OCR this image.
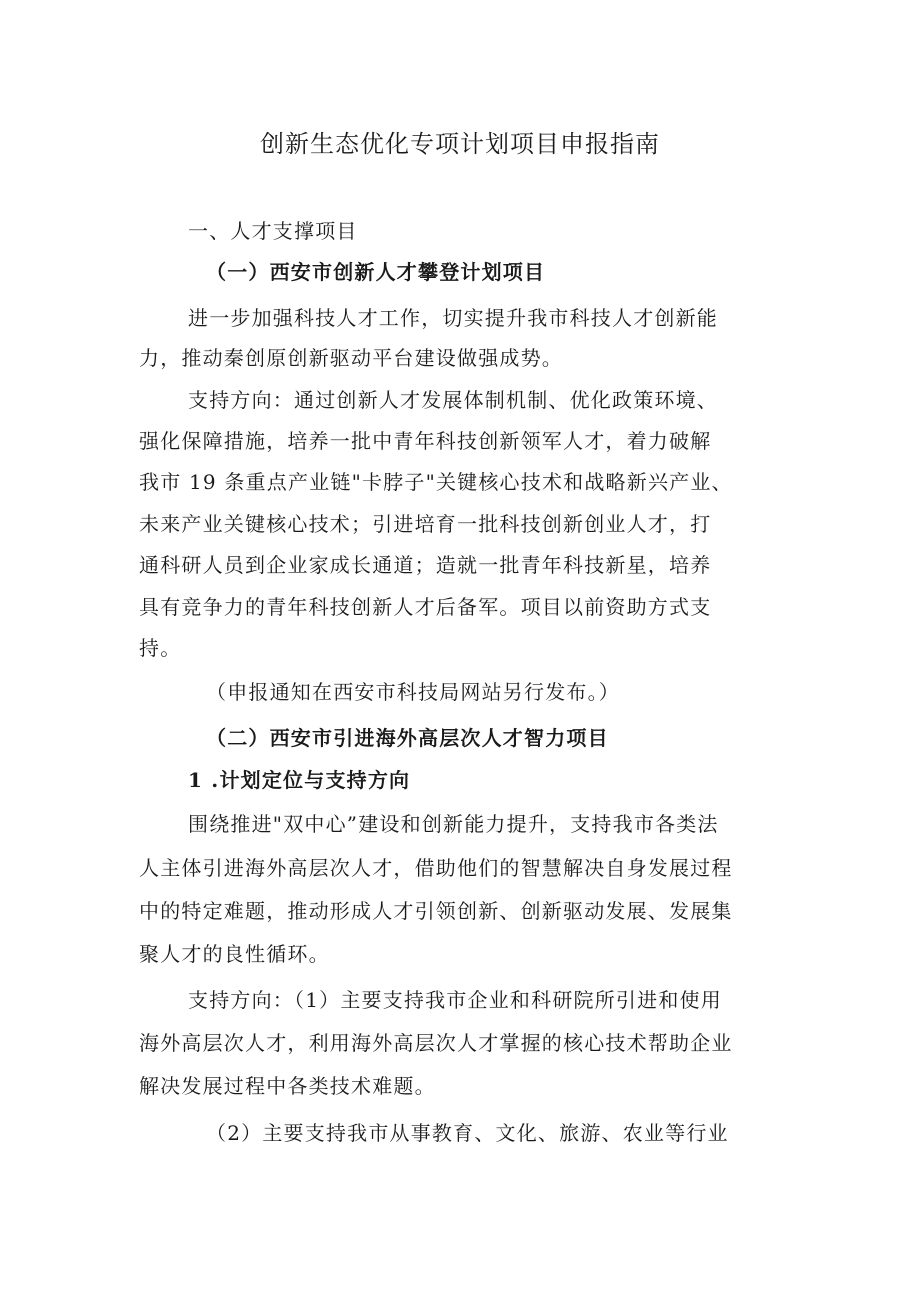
创新生态优化专项计划项目申报指南
一、人才支撑项目
（一）西安市创新人才攀登计划项目
进一步加强科技人才工作，切实提升我市科技人才创新能
力，推动秦创原创新驱动平台建设做强成势。
支持方向：通过创新人才发展体制机制、优化政策环境、
强化保障措施，培养一批中青年科技创新领军人才，着力破解
我市 19 条重点产业链"卡脖子"关键核心技术和战略新兴产业、
未来产业关键核心技术；引进培育一批科技创新创业人才，打
通科研人员到企业家成长通道；造就一批青年科技新星，培养
具有竞争力的青年科技创新人才后备军。项目以前资助方式支
持。
（申报通知在西安市科技局网站另行发布。）
（二）西安市引进海外高层次人才智力项目
1 .计划定位与支持方向
围绕推进"双中心”建设和创新能力提升，支持我市各类法
人主体引进海外高层次人才，借助他们的智慧解决自身发展过程
中的特定难题，推动形成人才引领创新、创新驱动发展、发展集
聚人才的良性循环。
支持方向：（1）主要支持我市企业和科研院所引进和使用
海外高层次人才，利用海外高层次人才掌握的核心技术帮助企业
解决发展过程中各类技术难题。
（2）主要支持我市从事教育、文化、旅游、农业等行业
